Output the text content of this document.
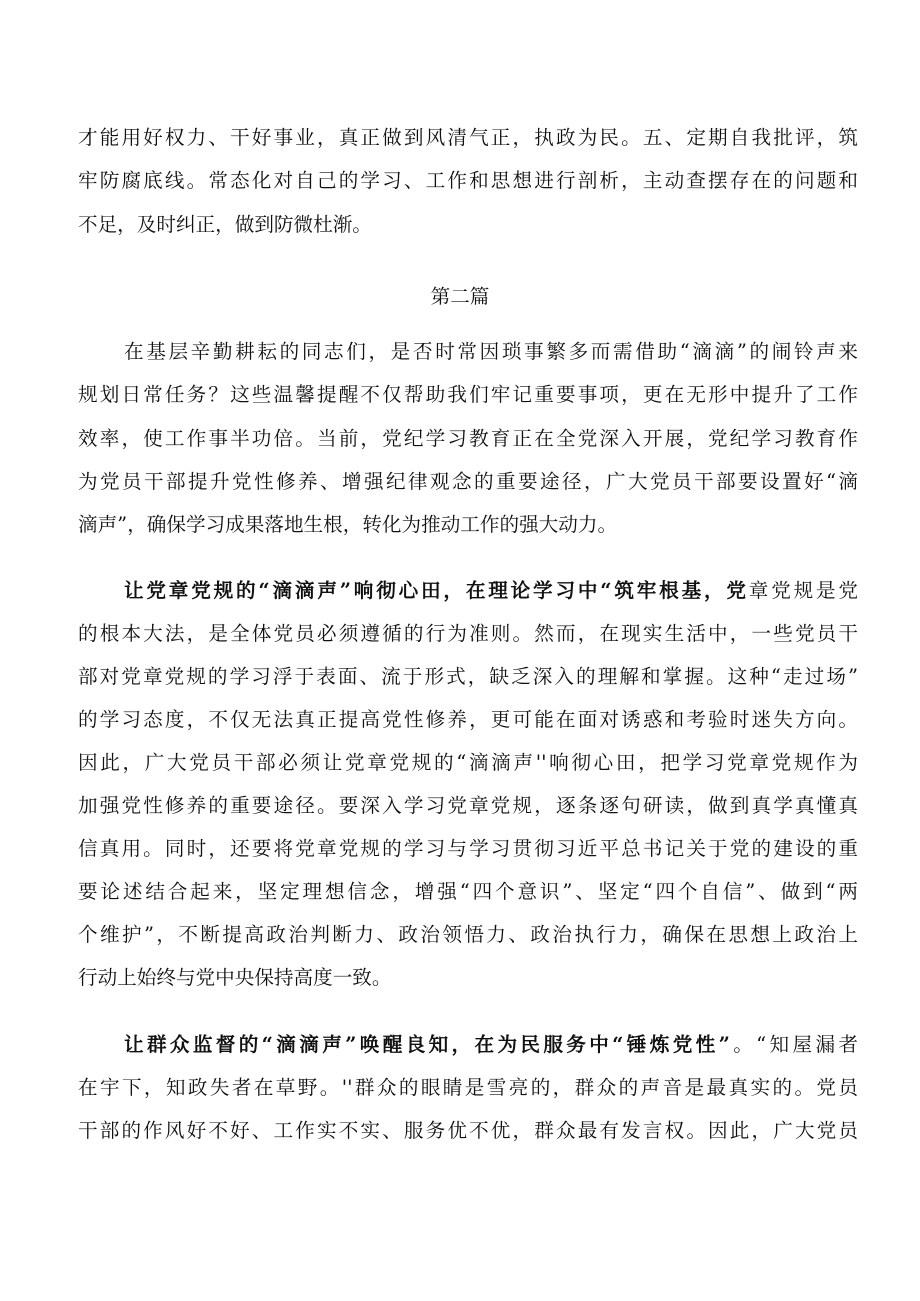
才能用好权力、干好事业，真正做到风清气正，执政为民。五、定期自我批评，筑
牢防腐底线。常态化对自己的学习、工作和思想进行剖析，主动查摆存在的问题和
不足，及时纠正，做到防微杜渐。
第二篇
在基层辛勤耕耘的同志们，是否时常因琐事繁多而需借助“滴滴”的闹铃声来
规划日常任务？这些温馨提醒不仅帮助我们牢记重要事项，更在无形中提升了工作
效率，使工作事半功倍。当前，党纪学习教育正在全党深入开展，党纪学习教育作
为党员干部提升党性修养、增强纪律观念的重要途径，广大党员干部要设置好“滴
滴声”，确保学习成果落地生根，转化为推动工作的强大动力。
让党章党规的“滴滴声”响彻心田，在理论学习中“筑牢根基，党章党规是党
的根本大法，是全体党员必须遵循的行为准则。然而，在现实生活中，一些党员干
部对党章党规的学习浮于表面、流于形式，缺乏深入的理解和掌握。这种“走过场”
的学习态度，不仅无法真正提高党性修养，更可能在面对诱惑和考验时迷失方向。
因此，广大党员干部必须让党章党规的“滴滴声''响彻心田，把学习党章党规作为
加强党性修养的重要途径。要深入学习党章党规，逐条逐句研读，做到真学真懂真
信真用。同时，还要将党章党规的学习与学习贯彻习近平总书记关于党的建设的重
要论述结合起来，坚定理想信念，增强“四个意识”、坚定“四个自信”、做到“两
个维护”，不断提高政治判断力、政治领悟力、政治执行力，确保在思想上政治上
行动上始终与党中央保持高度一致。
让群众监督的“滴滴声”唤醒良知，在为民服务中“锤炼党性”。“知屋漏者
在宇下，知政失者在草野。''群众的眼睛是雪亮的，群众的声音是最真实的。党员
干部的作风好不好、工作实不实、服务优不优，群众最有发言权。因此，广大党员
